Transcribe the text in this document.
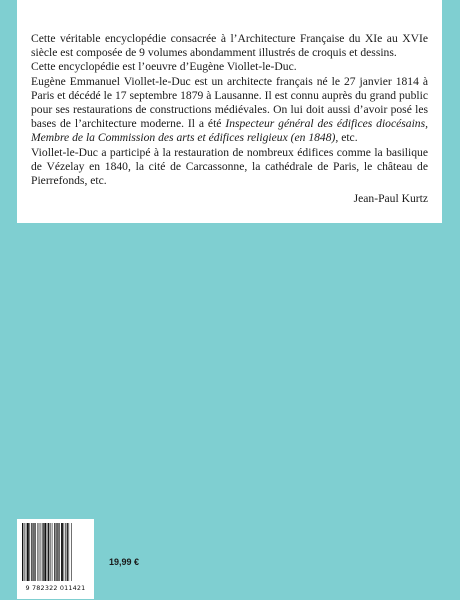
Cette véritable encyclopédie consacrée à l’Architecture Française du XIe au XVIe siècle est composée de 9 volumes abondamment illustrés de croquis et dessins.

Cette encyclopédie est l’oeuvre d’Eugène Viollet-le-Duc.

Eugène Emmanuel Viollet-le-Duc est un architecte français né le 27 janvier 1814 à Paris et décédé le 17 septembre 1879 à Lausanne. Il est connu auprès du grand public pour ses restaurations de constructions médiévales. On lui doit aussi d’avoir posé les bases de l’architecture moderne. Il a été Inspecteur général des édifices diocésains, Membre de la Commission des arts et édifices religieux (en 1848), etc.

Viollet-le-Duc a participé à la restauration de nombreux édifices comme la basilique de Vézelay en 1840, la cité de Carcassonne, la cathédrale de Paris, le château de Pierrefonds, etc.

Jean-Paul Kurtz

9 782322 011421
19,99 €
